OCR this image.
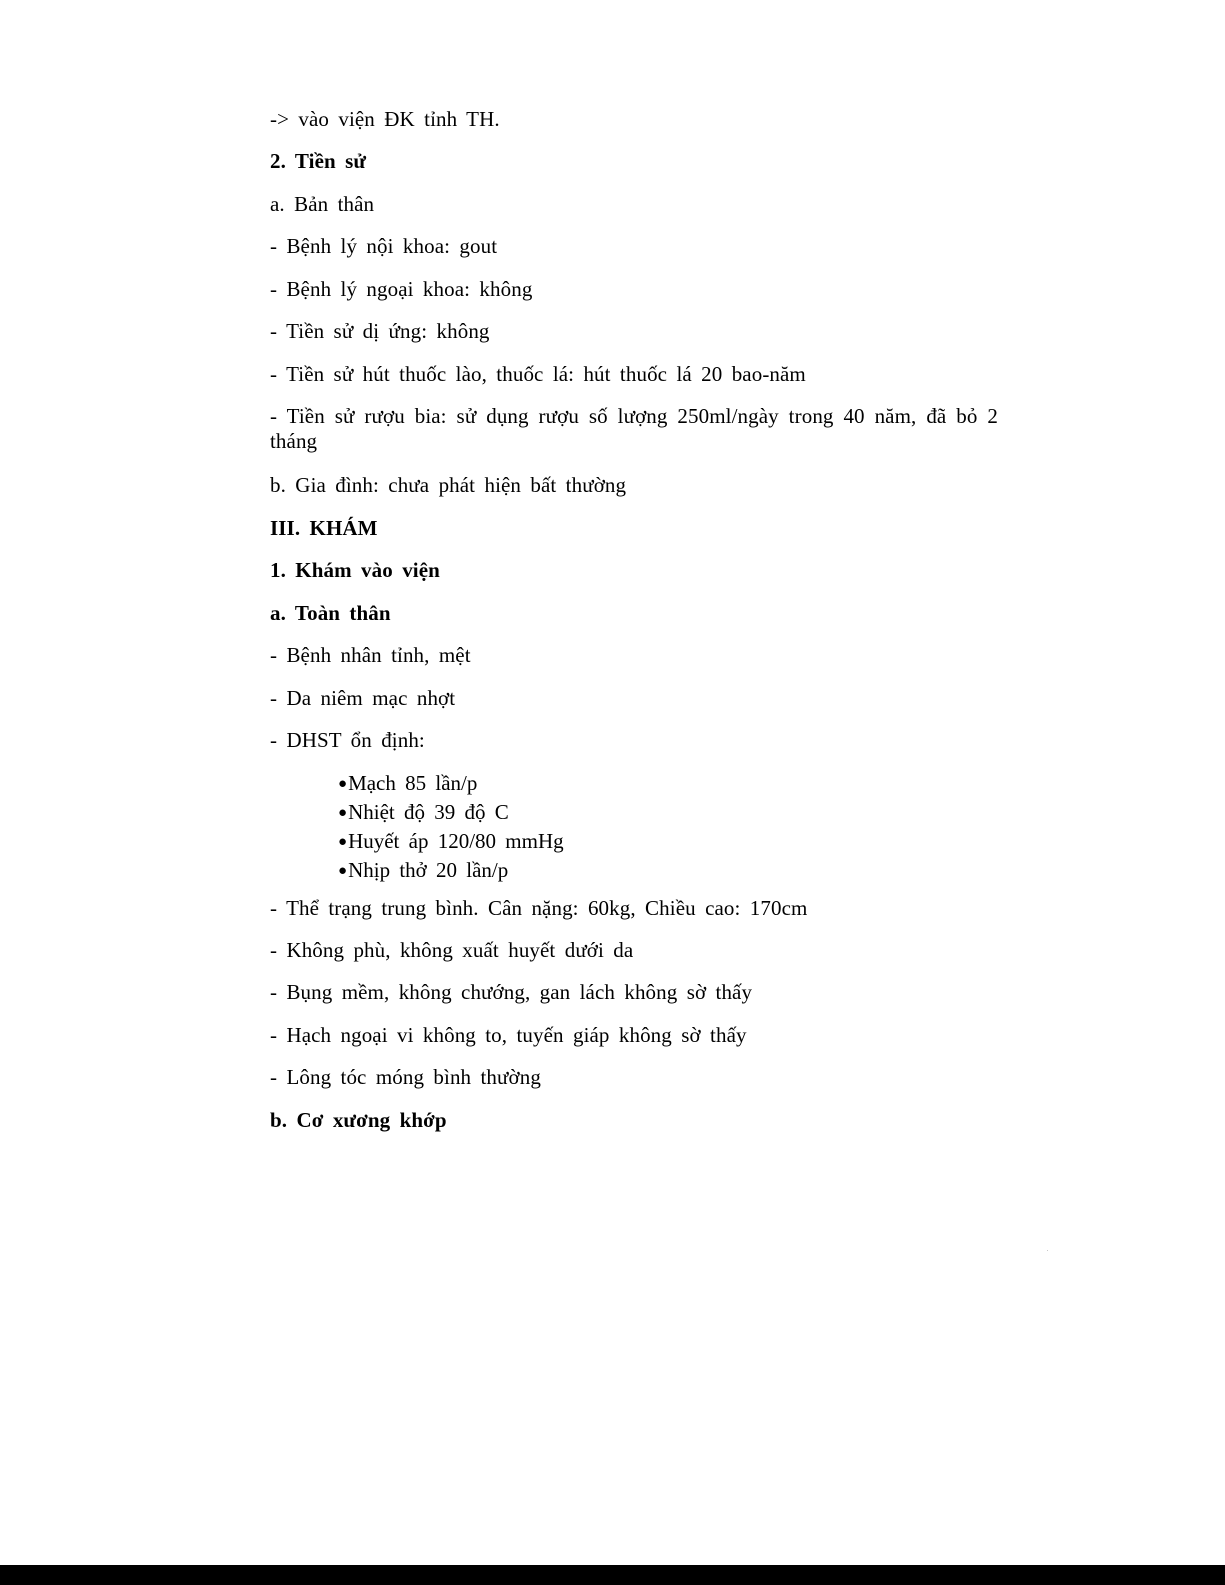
-> vào viện ĐK tỉnh TH.
2. Tiền sử
a. Bản thân
- Bệnh lý nội khoa: gout
- Bệnh lý ngoại khoa: không
- Tiền sử dị ứng: không
- Tiền sử hút thuốc lào, thuốc lá: hút thuốc lá 20 bao-năm
- Tiền sử rượu bia: sử dụng rượu số lượng 250ml/ngày trong 40 năm, đã bỏ 2 tháng
b. Gia đình: chưa phát hiện bất thường
III. KHÁM
1. Khám vào viện
a. Toàn thân
- Bệnh nhân tỉnh, mệt
- Da niêm mạc nhợt
- DHST ổn định:
●Mạch 85 lần/p
●Nhiệt độ 39 độ C
●Huyết áp 120/80 mmHg
●Nhịp thở 20 lần/p
- Thể trạng trung bình. Cân nặng: 60kg, Chiều cao: 170cm
- Không phù, không xuất huyết dưới da
- Bụng mềm, không chướng, gan lách không sờ thấy
- Hạch ngoại vi không to, tuyến giáp không sờ thấy
- Lông tóc móng bình thường
b. Cơ xương khớp
